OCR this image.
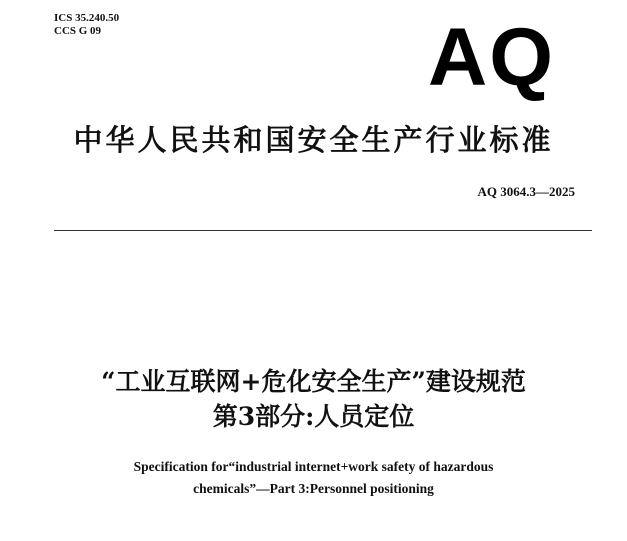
ICS 35.240.50
CCS G 09	AQ
中华人民共和国安全生产行业标准
AQ 3064.3—2025
“工业互联网+危化安全生产”建设规范
第3部分:人员定位
Specification for“industrial internet+work safety of hazardous
chemicals”—Part 3:Personnel positioning
